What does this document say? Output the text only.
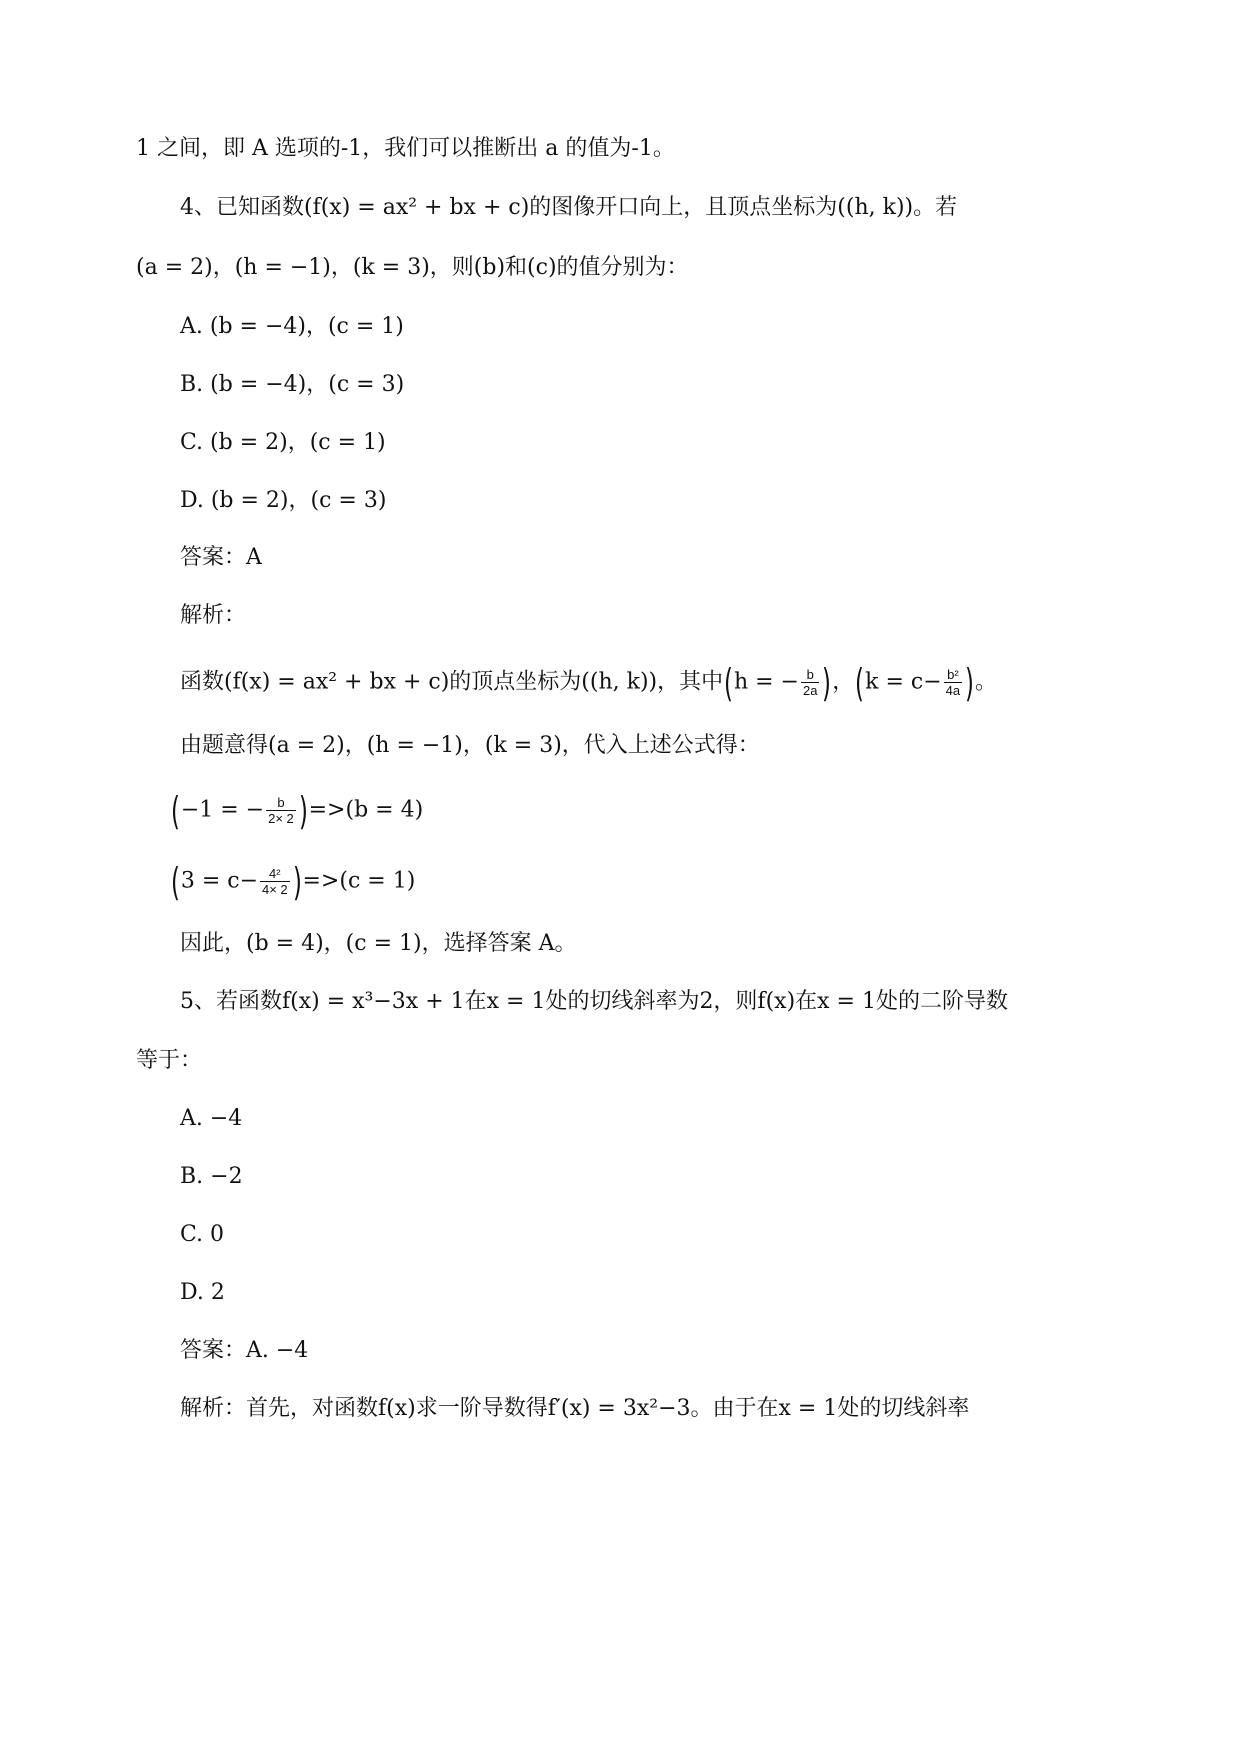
1 之间，即 A 选项的-1，我们可以推断出 a 的值为-1。
4、已知函数(f(x) = ax² + bx + c)的图像开口向上，且顶点坐标为((h, k))。若
(a = 2)，(h = −1)，(k = 3)，则(b)和(c)的值分别为：
A. (b = −4)，(c = 1)
B. (b = −4)，(c = 3)
C. (b = 2)，(c = 1)
D. (b = 2)，(c = 3)
答案：A
解析：
函数(f(x) = ax² + bx + c)的顶点坐标为((h, k))，其中(h = − $\frac{b}{2a}$ )，($k = c- \frac{\text{b²}}{4a}$ )。
由题意得(a = 2)，(h = −1)，(k = 3)，代入上述公式得：
(−1 = − $\frac{b}{2\times 2} )=>(b = 4)$
$(3 = c- \frac{\text{4²}}{4\times 2} )=>(c = 1)$
因此，(b = 4)，(c = 1)，选择答案 A。
5、若函数f(x) = x³−3x + 1在x = 1处的切线斜率为2，则f(x)在x = 1处的二阶导数
等于：
A. −4
B. −2
C. 0
D. 2
答案：A. −4
解析：首先，对函数f(x)求一阶导数得f′(x) = 3x²−3。由于在x = 1处的切线斜率
